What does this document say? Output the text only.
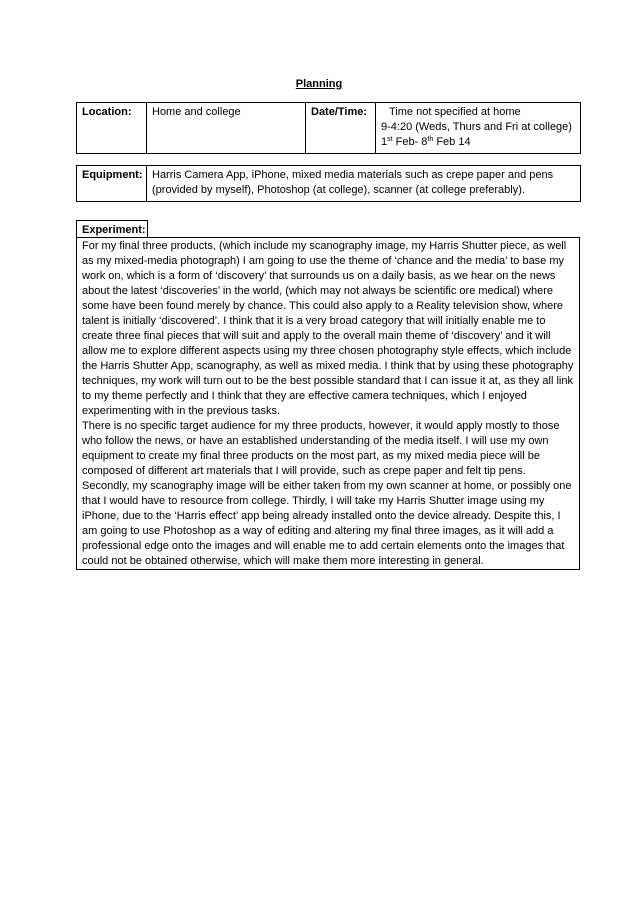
Planning
Location:	Home and college	Date/Time:	Time not specified at home
9-4:20 (Weds, Thurs and Fri at college)
1st Feb- 8th Feb 14
Equipment:	Harris Camera App, iPhone, mixed media materials such as crepe paper and pens (provided by myself), Photoshop (at college), scanner (at college preferably).
Experiment:

For my final three products, (which include my scanography image, my Harris Shutter piece, as well as my mixed-media photograph) I am going to use the theme of ‘chance and the media’ to base my work on, which is a form of ‘discovery’ that surrounds us on a daily basis, as we hear on the news about the latest ‘discoveries’ in the world, (which may not always be scientific ore medical) where some have been found merely by chance. This could also apply to a Reality television show, where talent is initially ‘discovered’. I think that it is a very broad category that will initially enable me to create three final pieces that will suit and apply to the overall main theme of ‘discovery’ and it will allow me to explore different aspects using my three chosen photography style effects, which include the Harris Shutter App, scanography, as well as mixed media. I think that by using these photography techniques, my work will turn out to be the best possible standard that I can issue it at, as they all link to my theme perfectly and I think that they are effective camera techniques, which I enjoyed experimenting with in the previous tasks.

There is no specific target audience for my three products, however, it would apply mostly to those who follow the news, or have an established understanding of the media itself. I will use my own equipment to create my final three products on the most part, as my mixed media piece will be composed of different art materials that I will provide, such as crepe paper and felt tip pens. Secondly, my scanography image will be either taken from my own scanner at home, or possibly one that I would have to resource from college. Thirdly, I will take my Harris Shutter image using my iPhone, due to the ‘Harris effect’ app being already installed onto the device already. Despite this, I am going to use Photoshop as a way of editing and altering my final three images, as it will add a professional edge onto the images and will enable me to add certain elements onto the images that could not be obtained otherwise, which will make them more interesting in general.
